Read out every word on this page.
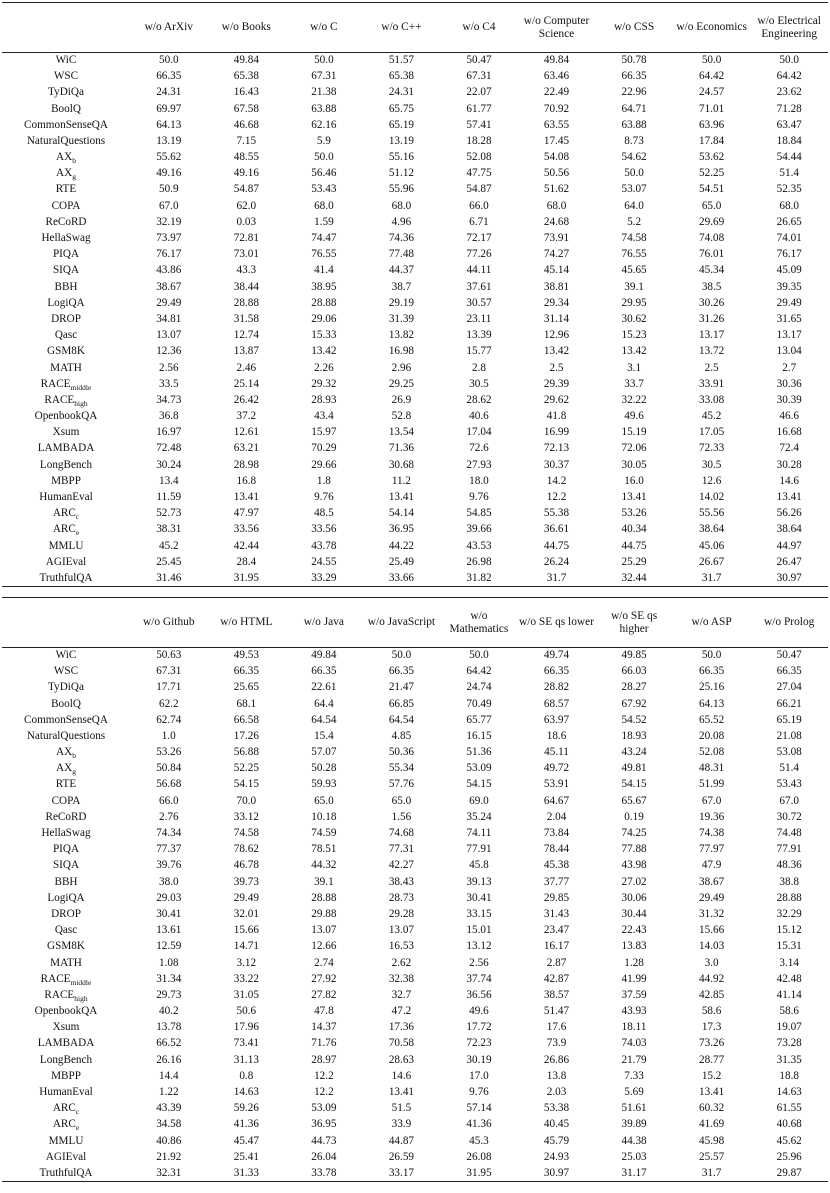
	w/o ArXiv	w/o Books	w/o C	w/o C++	w/o C4	w/o Computer Science	w/o CSS	w/o Economics	w/o Electrical Engineering
WiC	50.0	49.84	50.0	51.57	50.47	49.84	50.78	50.0	50.0
WSC	66.35	65.38	67.31	65.38	67.31	63.46	66.35	64.42	64.42
TyDiQa	24.31	16.43	21.38	24.31	22.07	22.49	22.96	24.57	23.62
BoolQ	69.97	67.58	63.88	65.75	61.77	70.92	64.71	71.01	71.28
CommonSenseQA	64.13	46.68	62.16	65.19	57.41	63.55	63.88	63.96	63.47
NaturalQuestions	13.19	7.15	5.9	13.19	18.28	17.45	8.73	17.84	18.84
$AX_b$	55.62	48.55	50.0	55.16	52.08	54.08	54.62	53.62	54.44
$AX_g$	49.16	49.16	56.46	51.12	47.75	50.56	50.0	52.25	51.4
RTE	50.9	54.87	53.43	55.96	54.87	51.62	53.07	54.51	52.35
COPA	67.0	62.0	68.0	68.0	66.0	68.0	64.0	65.0	68.0
ReCoRD	32.19	0.03	1.59	4.96	6.71	24.68	5.2	29.69	26.65
HellaSwag	73.97	72.81	74.47	74.36	72.17	73.91	74.58	74.08	74.01
PIQA	76.17	73.01	76.55	77.48	77.26	74.27	76.55	76.01	76.17
SIQA	43.86	43.3	41.4	44.37	44.11	45.14	45.65	45.34	45.09
BBH	38.67	38.44	38.95	38.7	37.61	38.81	39.1	38.5	39.35
LogiQA	29.49	28.88	28.88	29.19	30.57	29.34	29.95	30.26	29.49
DROP	34.81	31.58	29.06	31.39	23.11	31.14	30.62	31.26	31.65
Qasc	13.07	12.74	15.33	13.82	13.39	12.96	15.23	13.17	13.17
GSM8K	12.36	13.87	13.42	16.98	15.77	13.42	13.42	13.72	13.04
MATH	2.56	2.46	2.26	2.96	2.8	2.5	3.1	2.5	2.7
$RACE_{middle}$	33.5	25.14	29.32	29.25	30.5	29.39	33.7	33.91	30.36
$RACE_{high}$	34.73	26.42	28.93	26.9	28.62	29.62	32.22	33.08	30.39
OpenbookQA	36.8	37.2	43.4	52.8	40.6	41.8	49.6	45.2	46.6
Xsum	16.97	12.61	15.97	13.54	17.04	16.99	15.19	17.05	16.68
LAMBADA	72.48	63.21	70.29	71.36	72.6	72.13	72.06	72.33	72.4
LongBench	30.24	28.98	29.66	30.68	27.93	30.37	30.05	30.5	30.28
MBPP	13.4	16.8	1.8	11.2	18.0	14.2	16.0	12.6	14.6
HumanEval	11.59	13.41	9.76	13.41	9.76	12.2	13.41	14.02	13.41
$ARC_c$	52.73	47.97	48.5	54.14	54.85	55.38	53.26	55.56	56.26
$ARC_e$	38.31	33.56	33.56	36.95	39.66	36.61	40.34	38.64	38.64
MMLU	45.2	42.44	43.78	44.22	43.53	44.75	44.75	45.06	44.97
AGIEval	25.45	28.4	24.55	25.49	26.98	26.24	25.29	26.67	26.47
TruthfulQA	31.46	31.95	33.29	33.66	31.82	31.7	32.44	31.7	30.97
	w/o Github	w/o HTML	w/o Java	w/o JavaScript	w/o Mathematics	w/o SE qs lower	w/o SE qs higher	w/o ASP	w/o Prolog
WiC	50.63	49.53	49.84	50.0	50.0	49.74	49.85	50.0	50.47
WSC	67.31	66.35	66.35	66.35	64.42	66.35	66.03	66.35	66.35
TyDiQa	17.71	25.65	22.61	21.47	24.74	28.82	28.27	25.16	27.04
BoolQ	62.2	68.1	64.4	66.85	70.49	68.57	67.92	64.13	66.21
CommonSenseQA	62.74	66.58	64.54	64.54	65.77	63.97	54.52	65.52	65.19
NaturalQuestions	1.0	17.26	15.4	4.85	16.15	18.6	18.93	20.08	21.08
$AX_b$	53.26	56.88	57.07	50.36	51.36	45.11	43.24	52.08	53.08
$AX_g$	50.84	52.25	50.28	55.34	53.09	49.72	49.81	48.31	51.4
RTE	56.68	54.15	59.93	57.76	54.15	53.91	54.15	51.99	53.43
COPA	66.0	70.0	65.0	65.0	69.0	64.67	65.67	67.0	67.0
ReCoRD	2.76	33.12	10.18	1.56	35.24	2.04	0.19	19.36	30.72
HellaSwag	74.34	74.58	74.59	74.68	74.11	73.84	74.25	74.38	74.48
PIQA	77.37	78.62	78.51	77.31	77.91	78.44	77.88	77.97	77.91
SIQA	39.76	46.78	44.32	42.27	45.8	45.38	43.98	47.9	48.36
BBH	38.0	39.73	39.1	38.43	39.13	37.77	27.02	38.67	38.8
LogiQA	29.03	29.49	28.88	28.73	30.41	29.85	30.06	29.49	28.88
DROP	30.41	32.01	29.88	29.28	33.15	31.43	30.44	31.32	32.29
Qasc	13.61	15.66	13.07	13.07	15.01	23.47	22.43	15.66	15.12
GSM8K	12.59	14.71	12.66	16.53	13.12	16.17	13.83	14.03	15.31
MATH	1.08	3.12	2.74	2.62	2.56	2.87	1.28	3.0	3.14
$RACE_{middle}$	31.34	33.22	27.92	32.38	37.74	42.87	41.99	44.92	42.48
$RACE_{high}$	29.73	31.05	27.82	32.7	36.56	38.57	37.59	42.85	41.14
OpenbookQA	40.2	50.6	47.8	47.2	49.6	51.47	43.93	58.6	58.6
Xsum	13.78	17.96	14.37	17.36	17.72	17.6	18.11	17.3	19.07
LAMBADA	66.52	73.41	71.76	70.58	72.23	73.9	74.03	73.26	73.28
LongBench	26.16	31.13	28.97	28.63	30.19	26.86	21.79	28.77	31.35
MBPP	14.4	0.8	12.2	14.6	17.0	13.8	7.33	15.2	18.8
HumanEval	1.22	14.63	12.2	13.41	9.76	2.03	5.69	13.41	14.63
$ARC_c$	43.39	59.26	53.09	51.5	57.14	53.38	51.61	60.32	61.55
$ARC_e$	34.58	41.36	36.95	33.9	41.36	40.45	39.89	41.69	40.68
MMLU	40.86	45.47	44.73	44.87	45.3	45.79	44.38	45.98	45.62
AGIEval	21.92	25.41	26.04	26.59	26.08	24.93	25.03	25.57	25.96
TruthfulQA	32.31	31.33	33.78	33.17	31.95	30.97	31.17	31.7	29.87
